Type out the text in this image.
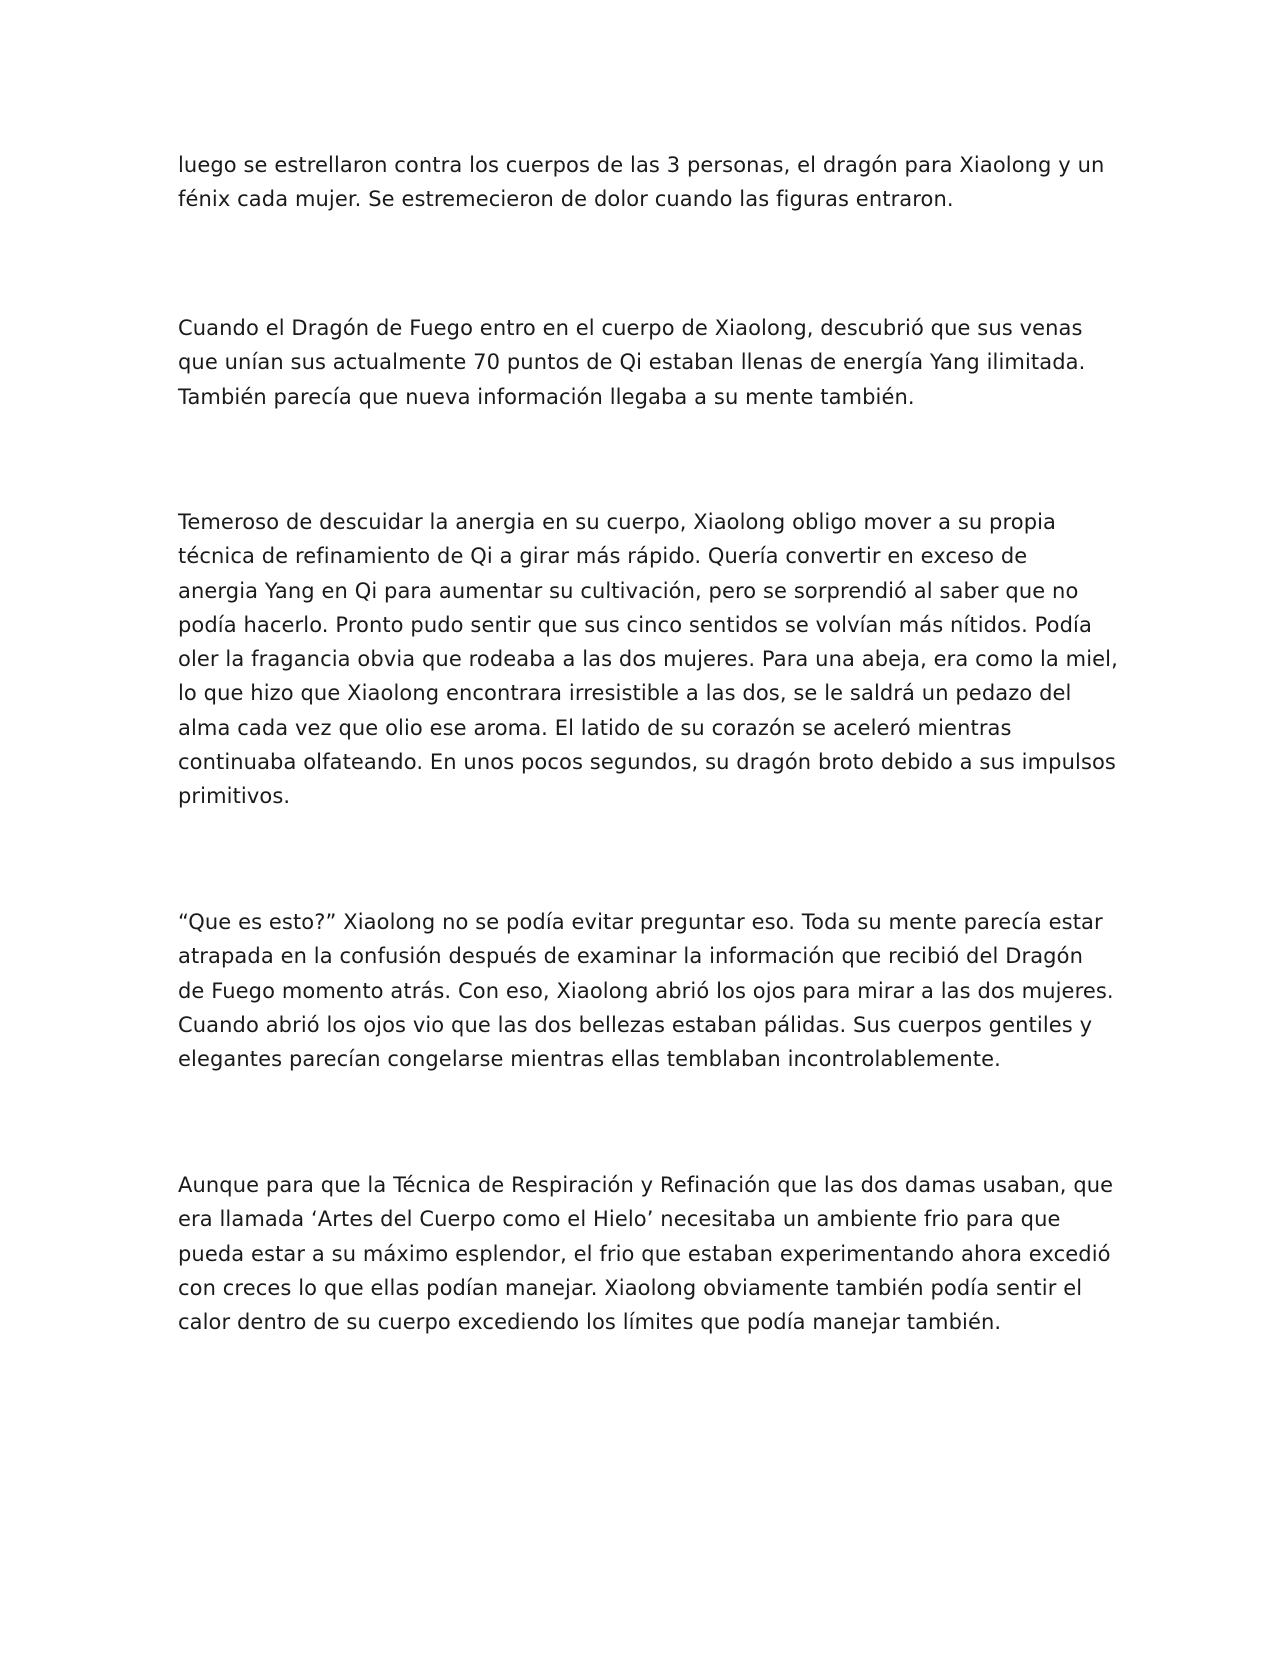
luego se estrellaron contra los cuerpos de las 3 personas, el dragón para Xiaolong y un
fénix cada mujer. Se estremecieron de dolor cuando las figuras entraron.
Cuando el Dragón de Fuego entro en el cuerpo de Xiaolong, descubrió que sus venas
que unían sus actualmente 70 puntos de Qi estaban llenas de energía Yang ilimitada.
También parecía que nueva información llegaba a su mente también.
Temeroso de descuidar la anergia en su cuerpo, Xiaolong obligo mover a su propia
técnica de refinamiento de Qi a girar más rápido. Quería convertir en exceso de
anergia Yang en Qi para aumentar su cultivación, pero se sorprendió al saber que no
podía hacerlo. Pronto pudo sentir que sus cinco sentidos se volvían más nítidos. Podía
oler la fragancia obvia que rodeaba a las dos mujeres. Para una abeja, era como la miel,
lo que hizo que Xiaolong encontrara irresistible a las dos, se le saldrá un pedazo del
alma cada vez que olio ese aroma. El latido de su corazón se aceleró mientras
continuaba olfateando. En unos pocos segundos, su dragón broto debido a sus impulsos
primitivos.
“Que es esto?” Xiaolong no se podía evitar preguntar eso. Toda su mente parecía estar
atrapada en la confusión después de examinar la información que recibió del Dragón
de Fuego momento atrás. Con eso, Xiaolong abrió los ojos para mirar a las dos mujeres.
Cuando abrió los ojos vio que las dos bellezas estaban pálidas. Sus cuerpos gentiles y
elegantes parecían congelarse mientras ellas temblaban incontrolablemente.
Aunque para que la Técnica de Respiración y Refinación que las dos damas usaban, que
era llamada ‘Artes del Cuerpo como el Hielo’ necesitaba un ambiente frio para que
pueda estar a su máximo esplendor, el frio que estaban experimentando ahora excedió
con creces lo que ellas podían manejar. Xiaolong obviamente también podía sentir el
calor dentro de su cuerpo excediendo los límites que podía manejar también.
